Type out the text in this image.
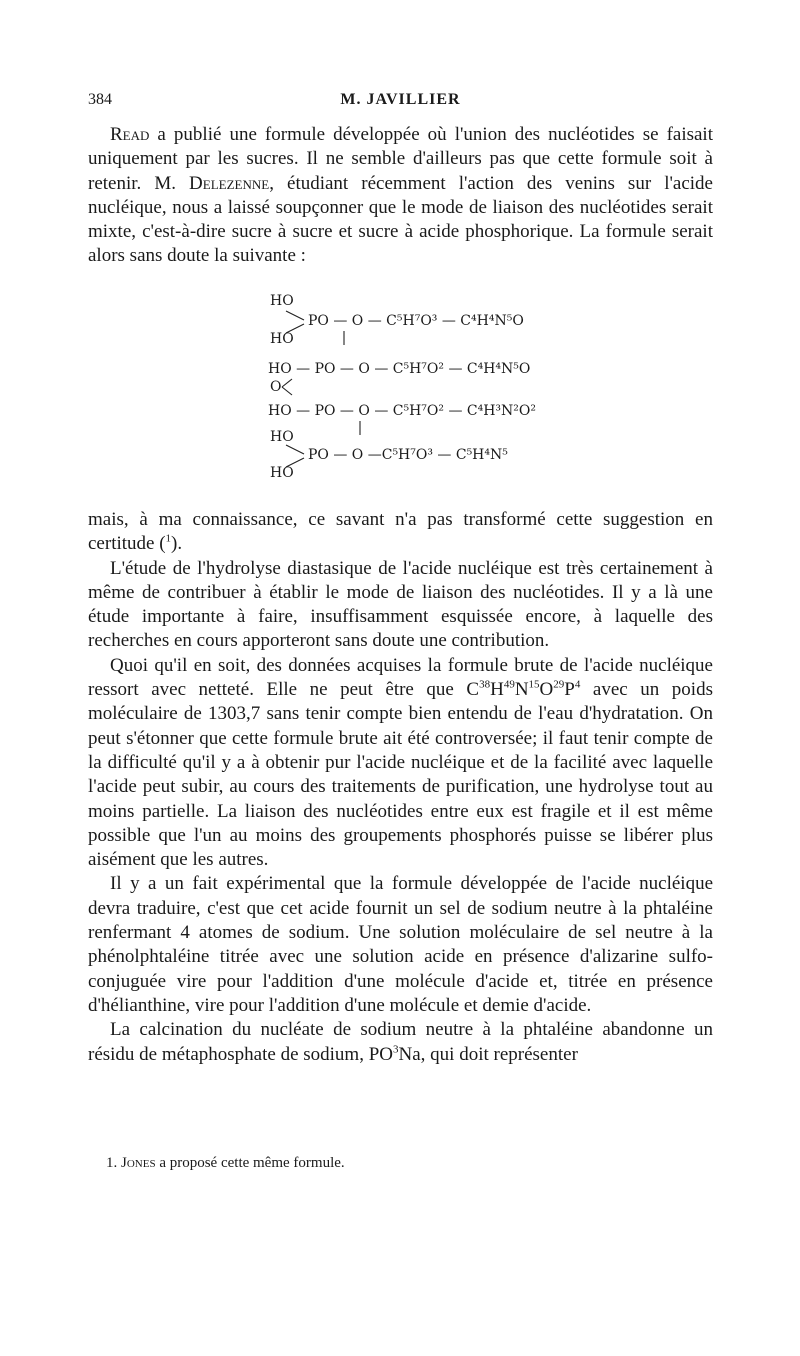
384	M. JAVILLIER

Read a publié une formule développée où l'union des nucléotides se faisait uniquement par les sucres. Il ne semble d'ailleurs pas que cette formule soit à retenir. M. Delezenne, étudiant récemment l'action des venins sur l'acide nucléique, nous a laissé soupçonner que le mode de liaison des nucléotides serait mixte, c'est-à-dire sucre à sucre et sucre à acide phosphorique. La formule serait alors sans doute la suivante :

HO
HO
PO — O — C⁵H⁷O³ — C⁴H⁴N⁵O
HO — PO — O — C⁵H⁷O² — C⁴H⁴N⁵O
O
HO — PO — O — C⁵H⁷O² — C⁴H³N²O²
HO
HO
PO — O —C⁵H⁷O³ — C⁵H⁴N⁵

mais, à ma connaissance, ce savant n'a pas transformé cette suggestion en certitude ($^1$).

L'étude de l'hydrolyse diastasique de l'acide nucléique est très certainement à même de contribuer à établir le mode de liaison des nucléotides. Il y a là une étude importante à faire, insuffisamment esquissée encore, à laquelle des recherches en cours apporteront sans doute une contribution.

Quoi qu'il en soit, des données acquises la formule brute de l'acide nucléique ressort avec netteté. Elle ne peut être que $C^{38}H^{49}N^{15}O^{29}P^4$ avec un poids moléculaire de 1303,7 sans tenir compte bien entendu de l'eau d'hydratation. On peut s'étonner que cette formule brute ait été controversée; il faut tenir compte de la difficulté qu'il y a à obtenir pur l'acide nucléique et de la facilité avec laquelle l'acide peut subir, au cours des traitements de purification, une hydrolyse tout au moins partielle. La liaison des nucléotides entre eux est fragile et il est même possible que l'un au moins des groupements phosphorés puisse se libérer plus aisément que les autres.

Il y a un fait expérimental que la formule développée de l'acide nucléique devra traduire, c'est que cet acide fournit un sel de sodium neutre à la phtaléine renfermant 4 atomes de sodium. Une solution moléculaire de sel neutre à la phénolphtaléine titrée avec une solution acide en présence d'alizarine sulfo-conjuguée vire pour l'addition d'une molécule d'acide et, titrée en présence d'hélianthine, vire pour l'addition d'une molécule et demie d'acide.

La calcination du nucléate de sodium neutre à la phtaléine abandonne un résidu de métaphosphate de sodium, $PO^3Na$, qui doit représenter

1. Jones a proposé cette même formule.
